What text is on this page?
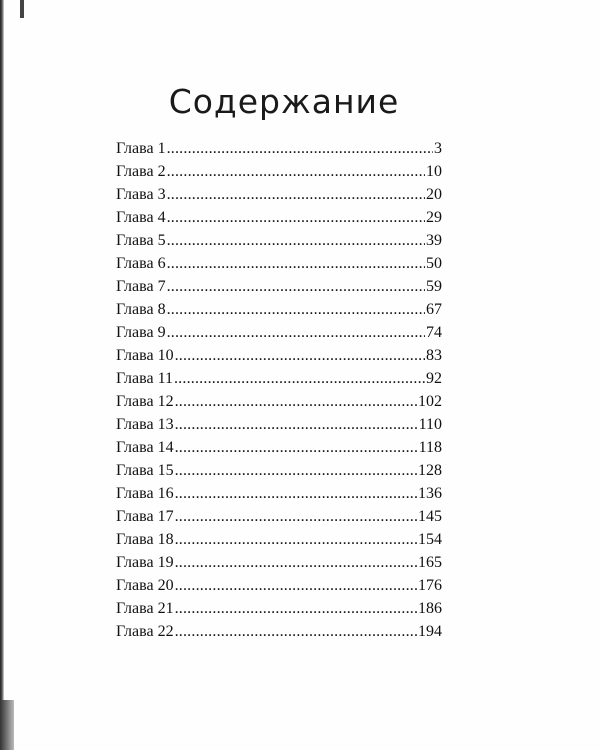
Содержание
Глава 1 .....	3
Глава 2 .....	10
Глава 3 .....	20
Глава 4 .....	29
Глава 5 .....	39
Глава 6 .....	50
Глава 7 .....	59
Глава 8 .....	67
Глава 9 .....	74
Глава 10 .....	83
Глава 11 .....	92
Глава 12 .....	102
Глава 13 .....	110
Глава 14 .....	118
Глава 15 .....	128
Глава 16 .....	136
Глава 17 .....	145
Глава 18 .....	154
Глава 19 .....	165
Глава 20 .....	176
Глава 21 .....	186
Глава 22 .....	194
